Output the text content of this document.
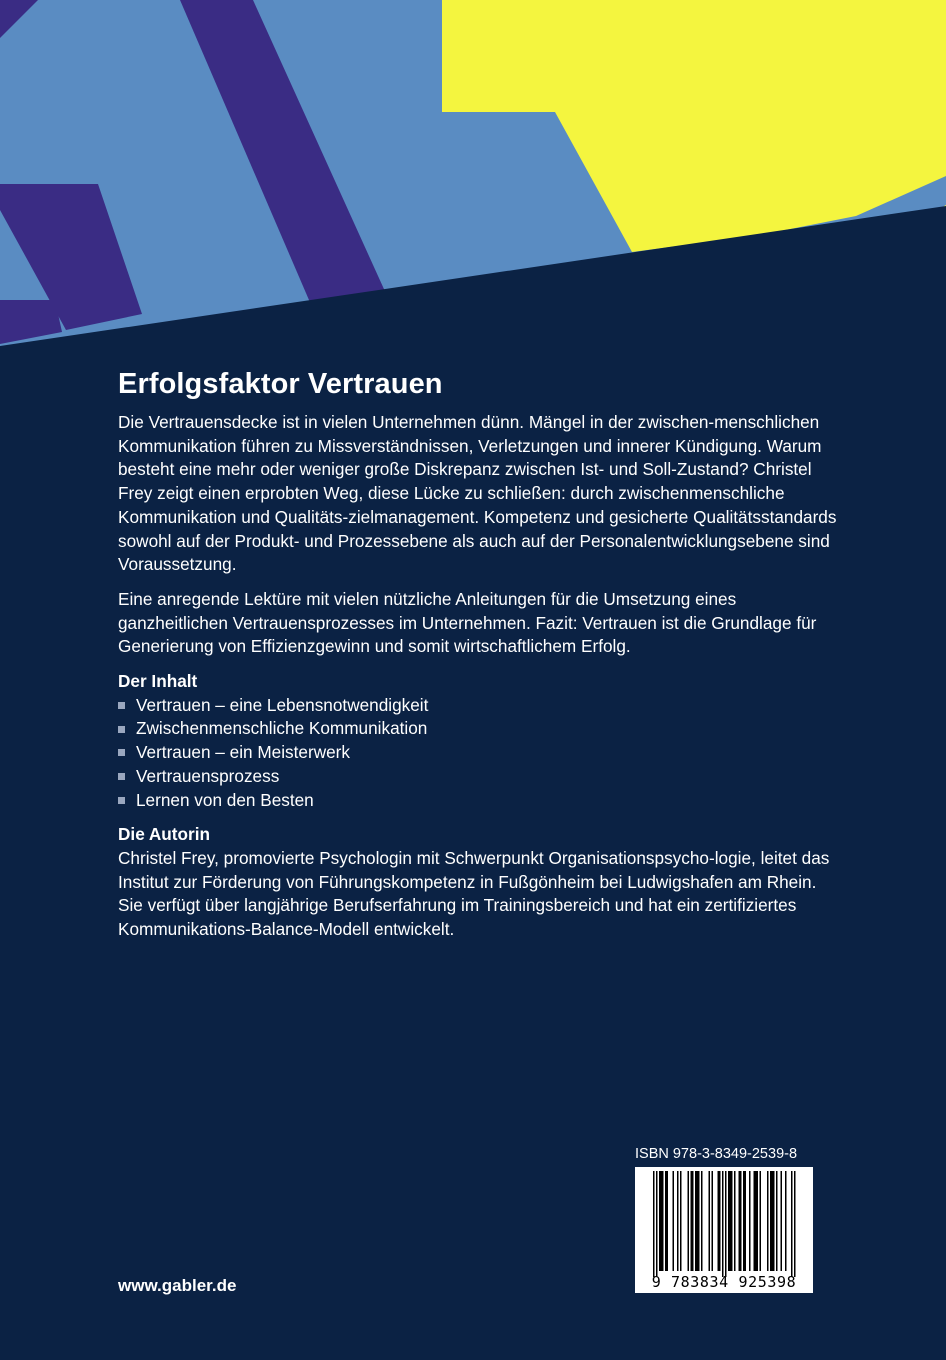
Erfolgsfaktor Vertrauen

Die Vertrauensdecke ist in vielen Unternehmen dünn. Mängel in der zwischen-menschlichen Kommunikation führen zu Missverständnissen, Verletzungen und innerer Kündigung. Warum besteht eine mehr oder weniger große Diskrepanz zwischen Ist- und Soll-Zustand? Christel Frey zeigt einen erprobten Weg, diese Lücke zu schließen: durch zwischenmenschliche Kommunikation und Qualitäts-zielmanagement. Kompetenz und gesicherte Qualitätsstandards sowohl auf der Produkt- und Prozessebene als auch auf der Personalentwicklungsebene sind Voraussetzung.

Eine anregende Lektüre mit vielen nützliche Anleitungen für die Umsetzung eines ganzheitlichen Vertrauensprozesses im Unternehmen. Fazit: Vertrauen ist die Grundlage für Generierung von Effizienzgewinn und somit wirtschaftlichem Erfolg.

Der Inhalt
Vertrauen – eine Lebensnotwendigkeit
Zwischenmenschliche Kommunikation
Vertrauen – ein Meisterwerk
Vertrauensprozess
Lernen von den Besten
Die Autorin

Christel Frey, promovierte Psychologin mit Schwerpunkt Organisationspsycho-logie, leitet das Institut zur Förderung von Führungskompetenz in Fußgönheim bei Ludwigshafen am Rhein. Sie verfügt über langjährige Berufserfahrung im Trainingsbereich und hat ein zertifiziertes Kommunikations-Balance-Modell entwickelt.

ISBN 978-3-8349-2539-8
9 783834 925398
www.gabler.de
